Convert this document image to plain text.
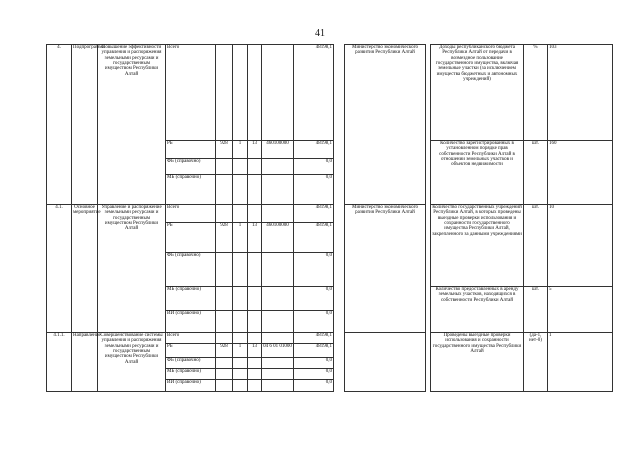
41
4.	Подпрограмма	Повышение эффективности управления и распоряжения земельными ресурсами и государственным имуществом Республики Алтай	Всего					48198,1		Министерство экономического развития Республики Алтай		Доходы республиканского бюджета Республики Алтай от передачи в возмездное пользование государственного имущества, включая земельные участки (за исключением имущества бюджетных и автономных учреждений)	%	103
			РБ	928	1	13	460100000	48198,1				Количество зарегистрированных в установленном порядке прав собственности Республики Алтай в отношении земельных участков и объектов недвижимости	шт.	160
			ФБ (справочно)					0,0						
			МБ (справочно)					0,0						
4.1.	Основное мероприятие	Управление и распоряжение земельными ресурсами и государственным имуществом Республики Алтай	Всего					48198,1		Министерство экономического развития Республики Алтай		Количество государственных учреждений Республики Алтай, в которых проведены выездные проверки использования и сохранности государственного имущества Республики Алтай, закрепленного за данными учреждениями	шт.	10
			РБ	928	1	13	460100000	48198,1						
			ФБ (справочно)					0,0						
			МБ (справочно)					0,0				Количество предоставленных в аренду земельных участков, находящихся в собственности Республики Алтай	шт.	5
			ИИ (справочно)					0,0						
4.1.1.	Направление	Совершенствование системы управления и распоряжения земельными ресурсами и государственным имуществом Республики Алтай	Всего					48198,1				Проведены выездные проверки использования и сохранности государственного имущества Республики Алтай	(да-1, нет-0)	1
			РБ	928	1	13	04 6 01 01000	48198,1						
			ФБ (справочно)					0,0						
			МБ (справочно)					0,0						
			ИИ (справочно)					0,0						
